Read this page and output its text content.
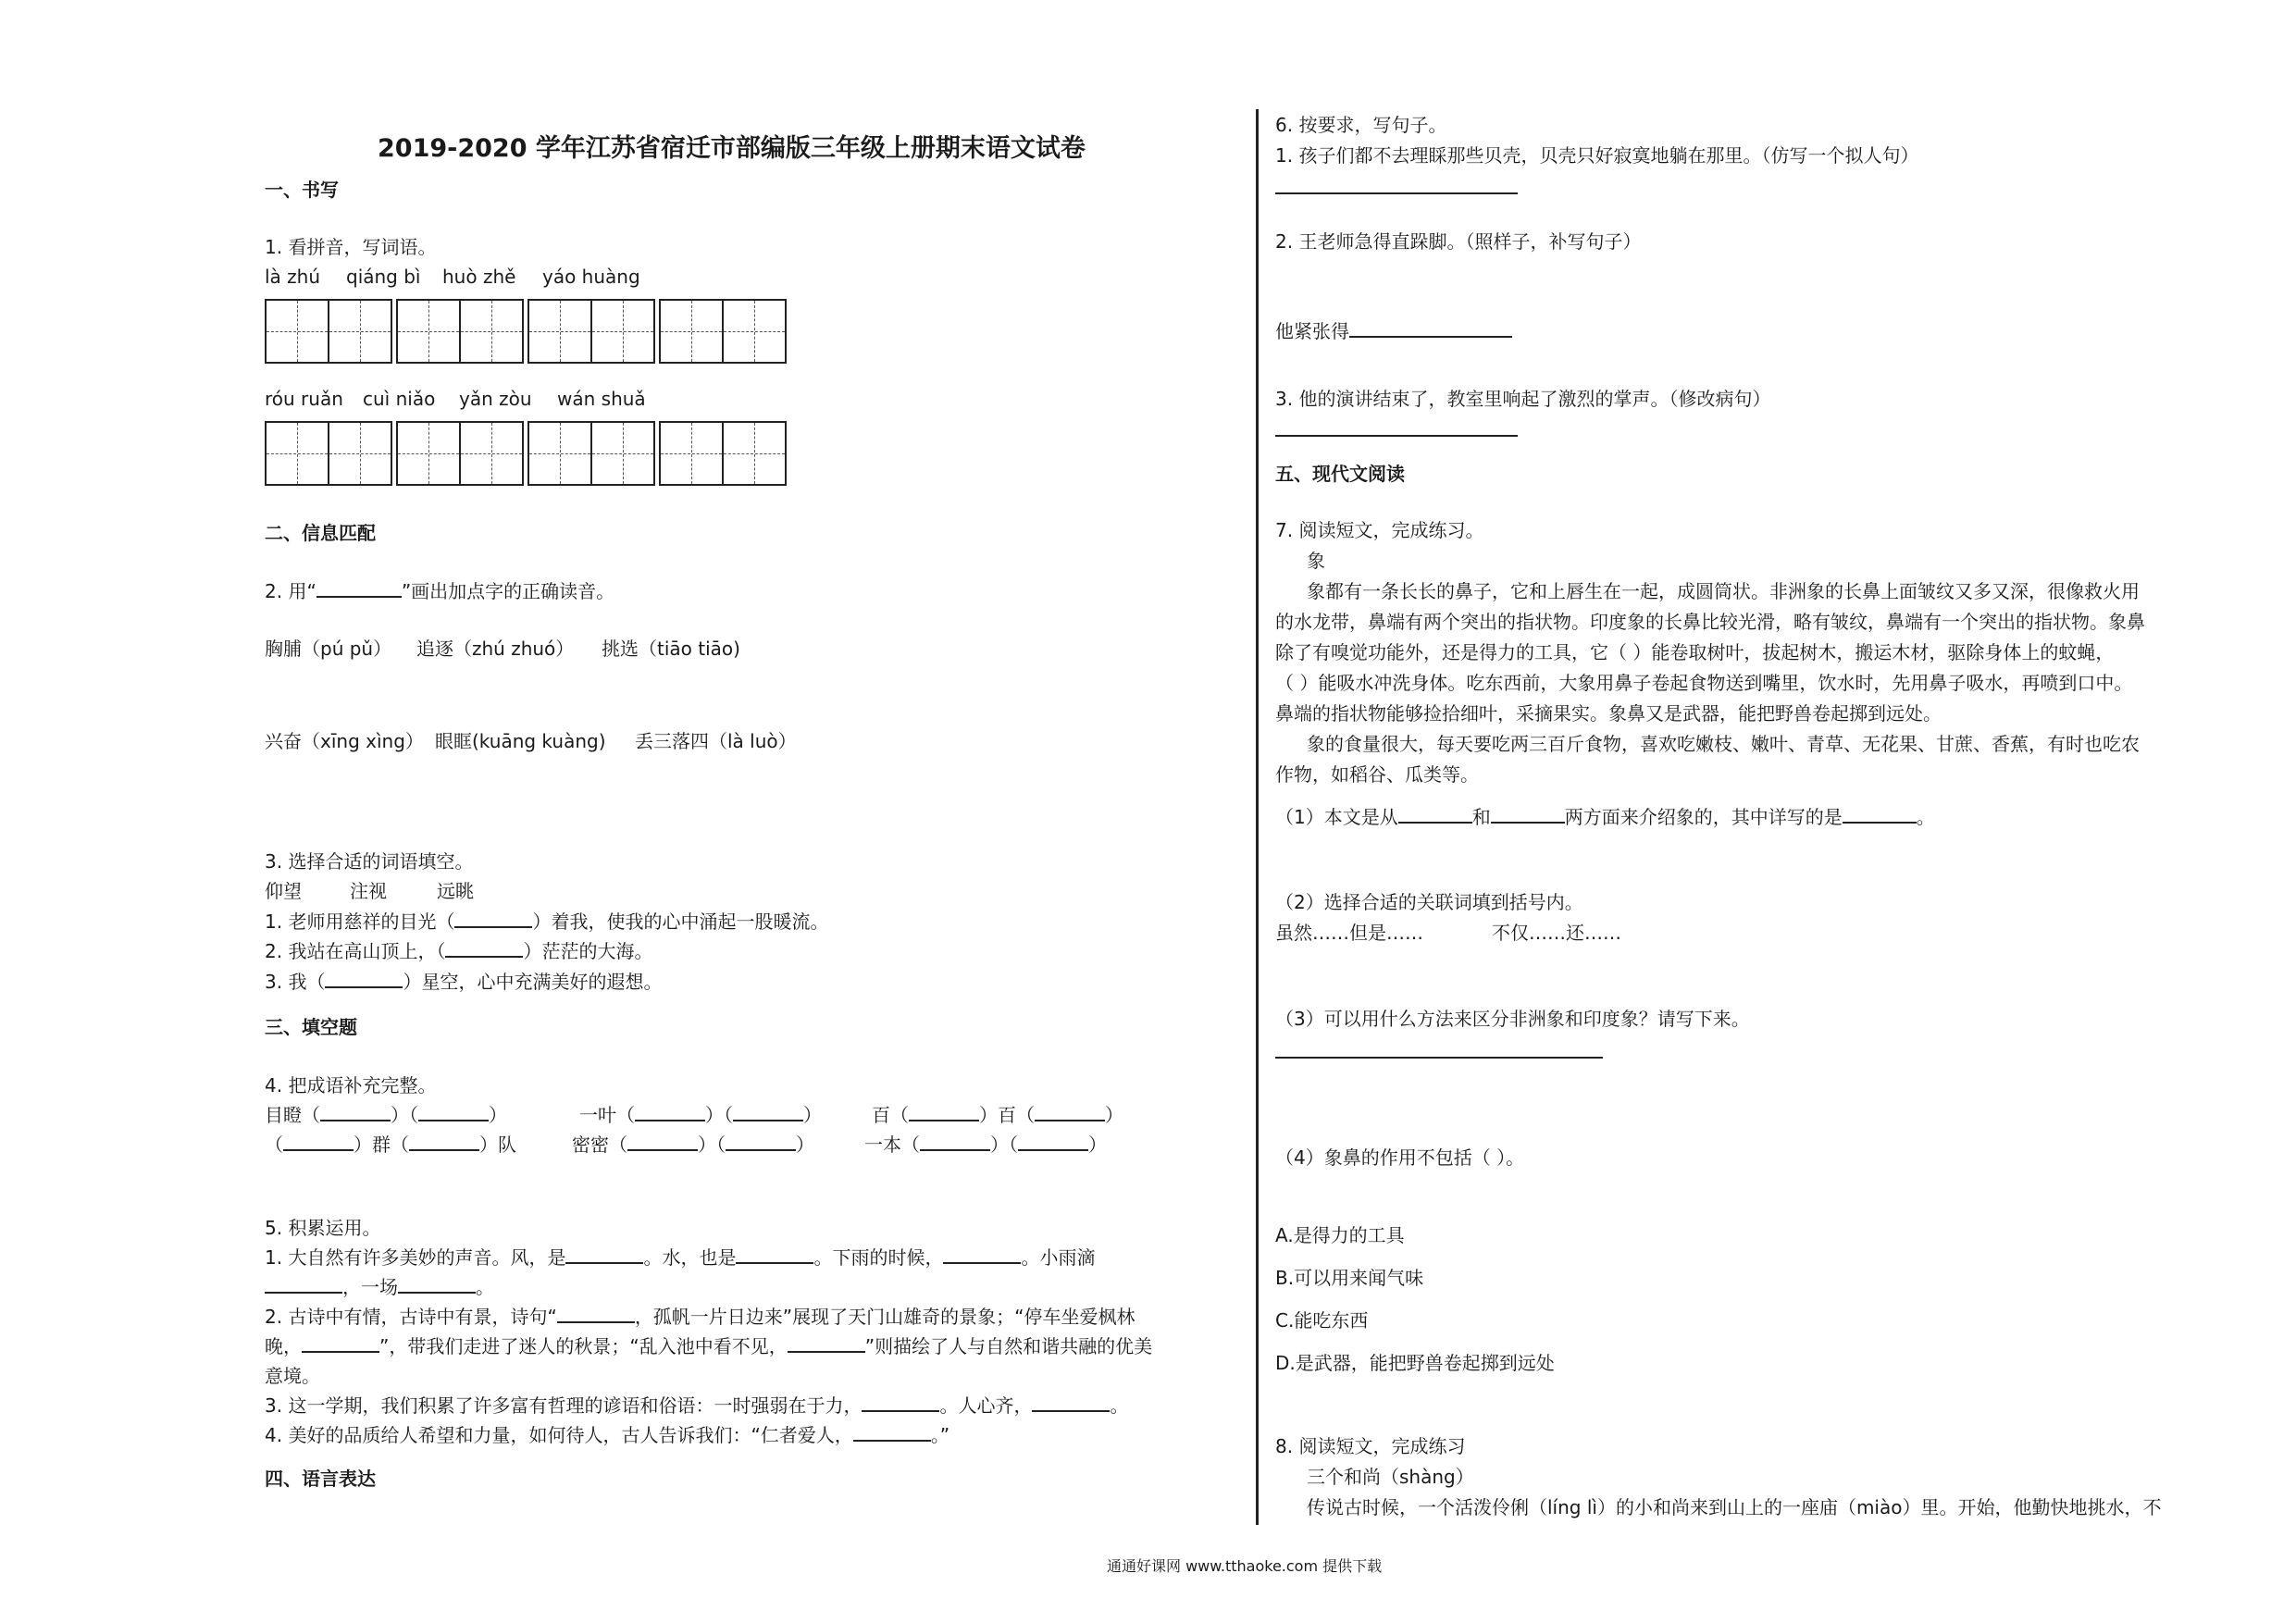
2019-2020 学年江苏省宿迁市部编版三年级上册期末语文试卷
一、书写
1. 看拼音，写词语。
là zhú qiáng bì huò zhě yáo huàng
róu ruǎn cuì niǎo yǎn zòu wán shuǎ
二、信息匹配
2. 用“	”画出加点字的正确读音。
胸脯（pú pǔ） 追逐（zhú zhuó） 挑选（tiāo tiāo)
兴奋（xīng xìng） 眼眶(kuāng kuàng) 丢三落四（là luò）
3. 选择合适的词语填空。
仰望	注视	远眺
1. 老师用慈祥的目光（	）着我，使我的心中涌起一股暖流。
2. 我站在高山顶上，（	）茫茫的大海。
3. 我（	）星空，心中充满美好的遐想。
三、填空题
4. 把成语补充完整。
目瞪（	）（	）	一叶（	）（	）	百（	）百（	）
（	）群（	）队	密密（	）（	）	一本（	）（	）
5. 积累运用。
1. 大自然有许多美妙的声音。风，是	。水，也是	。下雨的时候，	。小雨滴
，一场	。
2. 古诗中有情，古诗中有景，诗句“	，孤帆一片日边来”展现了天门山雄奇的景象；“停车坐爱枫林
晚，	”，带我们走进了迷人的秋景；“乱入池中看不见，	”则描绘了人与自然和谐共融的优美
意境。
3. 这一学期，我们积累了许多富有哲理的谚语和俗语：一时强弱在于力，	。人心齐，	。
4. 美好的品质给人希望和力量，如何待人，古人告诉我们：“仁者爱人，	。”
四、语言表达
6. 按要求，写句子。
1. 孩子们都不去理睬那些贝壳，贝壳只好寂寞地躺在那里。（仿写一个拟人句）
2. 王老师急得直跺脚。（照样子，补写句子）
他紧张得
3. 他的演讲结束了，教室里响起了激烈的掌声。（修改病句）
五、现代文阅读
7. 阅读短文，完成练习。
象
象都有一条长长的鼻子，它和上唇生在一起，成圆筒状。非洲象的长鼻上面皱纹又多又深，很像救火用
的水龙带，鼻端有两个突出的指状物。印度象的长鼻比较光滑，略有皱纹，鼻端有一个突出的指状物。象鼻
除了有嗅觉功能外，还是得力的工具，它（ ）能卷取树叶，拔起树木，搬运木材，驱除身体上的蚊蝇，
（ ）能吸水冲洗身体。吃东西前，大象用鼻子卷起食物送到嘴里，饮水时，先用鼻子吸水，再喷到口中。
鼻端的指状物能够捡拾细叶，采摘果实。象鼻又是武器，能把野兽卷起掷到远处。
象的食量很大，每天要吃两三百斤食物，喜欢吃嫩枝、嫩叶、青草、无花果、甘蔗、香蕉，有时也吃农
作物，如稻谷、瓜类等。
（1）本文是从	和	两方面来介绍象的，其中详写的是	。
（2）选择合适的关联词填到括号内。
虽然……但是……	不仅……还……
（3）可以用什么方法来区分非洲象和印度象？请写下来。
（4）象鼻的作用不包括（ ）。
A.是得力的工具
B.可以用来闻气味
C.能吃东西
D.是武器，能把野兽卷起掷到远处
8. 阅读短文，完成练习
三个和尚（shàng）
传说古时候，一个活泼伶俐（líng lì）的小和尚来到山上的一座庙（miào）里。开始，他勤快地挑水，不
通通好课网 www.tthaoke.com 提供下载
